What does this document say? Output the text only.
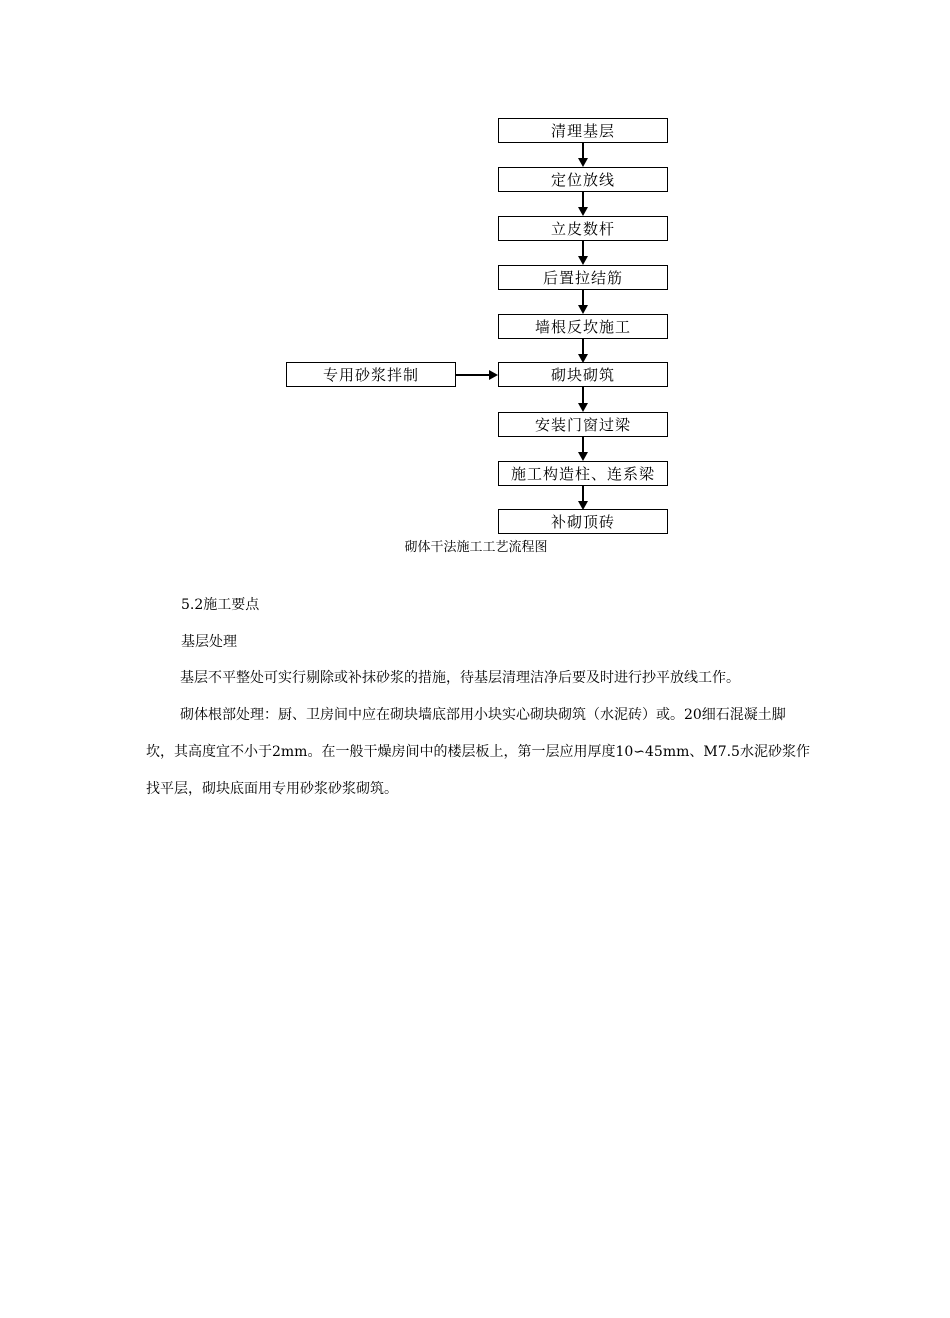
清理基层
定位放线
立皮数杆
后置拉结筋
墙根反坎施工
砌块砌筑
安装门窗过梁
施工构造柱、连系梁
补砌顶砖
专用砂浆拌制
砌体干法施工工艺流程图
5.2施工要点
基层处理

基层不平整处可实行剔除或补抹砂浆的措施，待基层清理洁净后要及时进行抄平放线工作。

砌体根部处理：厨、卫房间中应在砌块墙底部用小块实心砌块砌筑（水泥砖）或。20细石混凝土脚坎，其高度宜不小于2mm。在一般干燥房间中的楼层板上，第一层应用厚度10∽45mm、M7.5水泥砂浆作找平层，砌块底面用专用砂浆砂浆砌筑。
